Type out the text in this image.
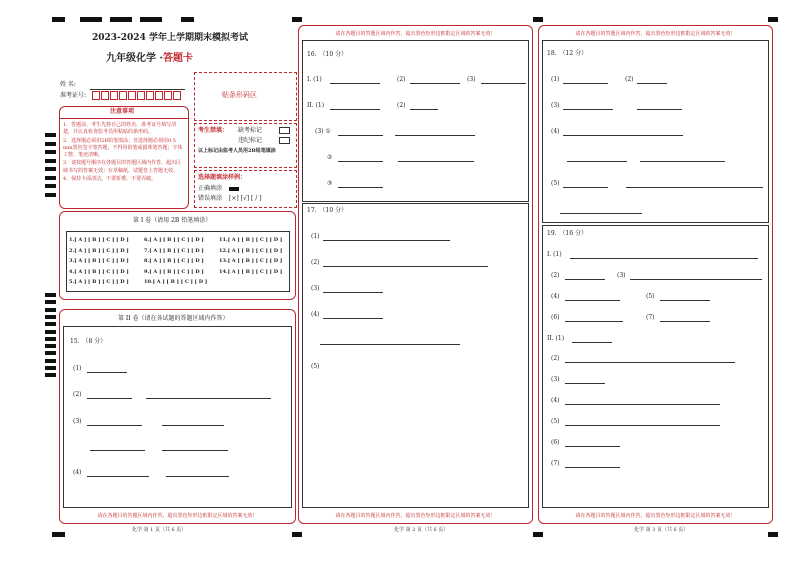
2023-2024 学年上学期期末模拟考试
九年级化学 ·答题卡
姓 名:
准考证号:	贴条形码区
注意事项
1．答题前，考生先将自己的姓名、准考证号填写清楚，并认真检查监考员所粘贴的条形码。
2．选择题必须用2B铅笔填涂；非选择题必须用0.5 mm黑色签字笔答题，不得用铅笔或圆珠笔答题；字体工整、笔迹清晰。
3．请按题号顺序在各题目的答题区域内作答，超出区域书写的答案无效；在草稿纸、试题卷上答题无效。
4．保持卡面清洁，不要折叠、不要弄破。
考生禁填： 缺考标记
违纪标记
以上标记由监考人员用2B铅笔填涂
选择题填涂样例：
正确填涂
错误填涂 [×] [√] [ / ]
第 I 卷（请用 2B 铅笔填涂）
1.[ A ] [ B ] [ C ] [ D ]
2.[ A ] [ B ] [ C ] [ D ]
3.[ A ] [ B ] [ C ] [ D ]
4.[ A ] [ B ] [ C ] [ D ]
5.[ A ] [ B ] [ C ] [ D ]
6.[ A ] [ B ] [ C ] [ D ]
7.[ A ] [ B ] [ C ] [ D ]
8.[ A ] [ B ] [ C ] [ D ]
9.[ A ] [ B ] [ C ] [ D ]
10.[ A ] [ B ] [ C ] [ D ]
11.[ A ] [ B ] [ C ] [ D ]
12.[ A ] [ B ] [ C ] [ D ]
13.[ A ] [ B ] [ C ] [ D ]
14.[ A ] [ B ] [ C ] [ D ]
第 II 卷（请在各试题的答题区域内作答）
请在各题目的答题区域内作答，超出黑色矩形边框限定区域的答案无效！
15.　（8 分）
(1)
(2)
(3)
(4)
化学 第 1 页（共 6 页）
请在各题目的答题区域内作答，超出黑色矩形边框限定区域的答案无效！
请在各题目的答题区域内作答，超出黑色矩形边框限定区域的答案无效！
16.　（10 分）
I. (1)	(2)	(3)
II. (1)	(2)
(3) ①
②
③
17.　（10 分）
(1)
(2)
(3)
(4)
(5)
化学 第 2 页（共 6 页）
请在各题目的答题区域内作答，超出黑色矩形边框限定区域的答案无效！
请在各题目的答题区域内作答，超出黑色矩形边框限定区域的答案无效！
18.　（12 分）
(1)	(2)
(3)
(4)
(5)
19.　（16 分）
I. (1)
(2)	(3)
(4)	(5)
(6)	(7)
II. (1)
(2)
(3)
(4)
(5)
(6)
(7)
化学 第 3 页（共 6 页）
